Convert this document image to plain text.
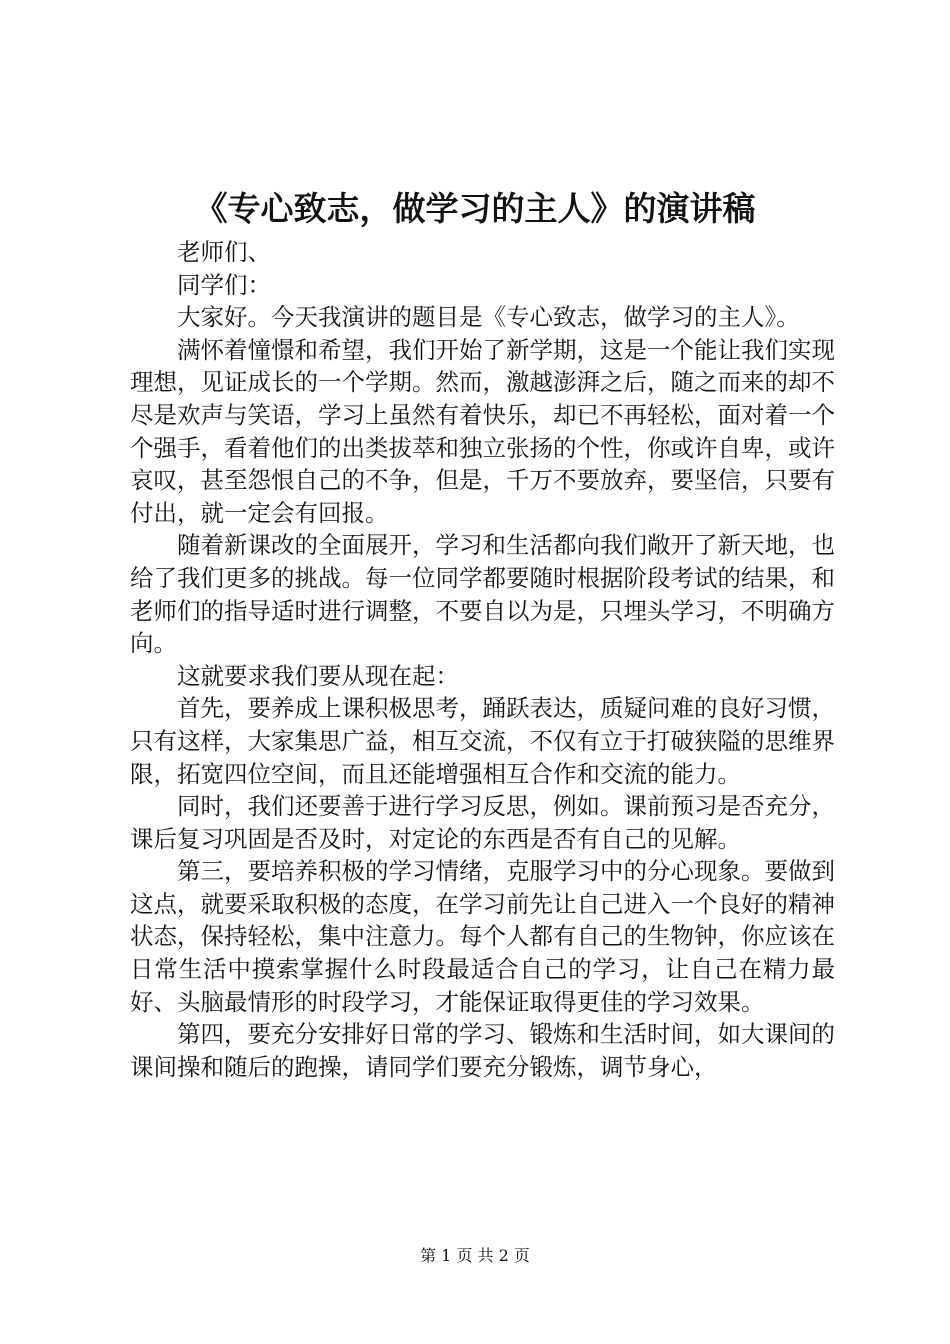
《专心致志，做学习的主人》的演讲稿

老师们、

同学们：

大家好。今天我演讲的题目是《专心致志，做学习的主人》。

满怀着憧憬和希望，我们开始了新学期，这是一个能让我们实现理想，见证成长的一个学期。然而，激越澎湃之后，随之而来的却不尽是欢声与笑语，学习上虽然有着快乐，却已不再轻松，面对着一个个强手，看着他们的出类拔萃和独立张扬的个性，你或许自卑，或许哀叹，甚至怨恨自己的不争，但是，千万不要放弃，要坚信，只要有付出，就一定会有回报。

随着新课改的全面展开，学习和生活都向我们敞开了新天地，也给了我们更多的挑战。每一位同学都要随时根据阶段考试的结果，和老师们的指导适时进行调整，不要自以为是，只埋头学习，不明确方向。

这就要求我们要从现在起：

首先，要养成上课积极思考，踊跃表达，质疑问难的良好习惯，只有这样，大家集思广益，相互交流，不仅有立于打破狭隘的思维界限，拓宽四位空间，而且还能增强相互合作和交流的能力。

同时，我们还要善于进行学习反思，例如。课前预习是否充分，课后复习巩固是否及时，对定论的东西是否有自己的见解。

第三，要培养积极的学习情绪，克服学习中的分心现象。要做到这点，就要采取积极的态度，在学习前先让自己进入一个良好的精神状态，保持轻松，集中注意力。每个人都有自己的生物钟，你应该在日常生活中摸索掌握什么时段最适合自己的学习，让自己在精力最好、头脑最情形的时段学习，才能保证取得更佳的学习效果。

第四，要充分安排好日常的学习、锻炼和生活时间，如大课间的课间操和随后的跑操，请同学们要充分锻炼，调节身心，

第 1 页 共 2 页
